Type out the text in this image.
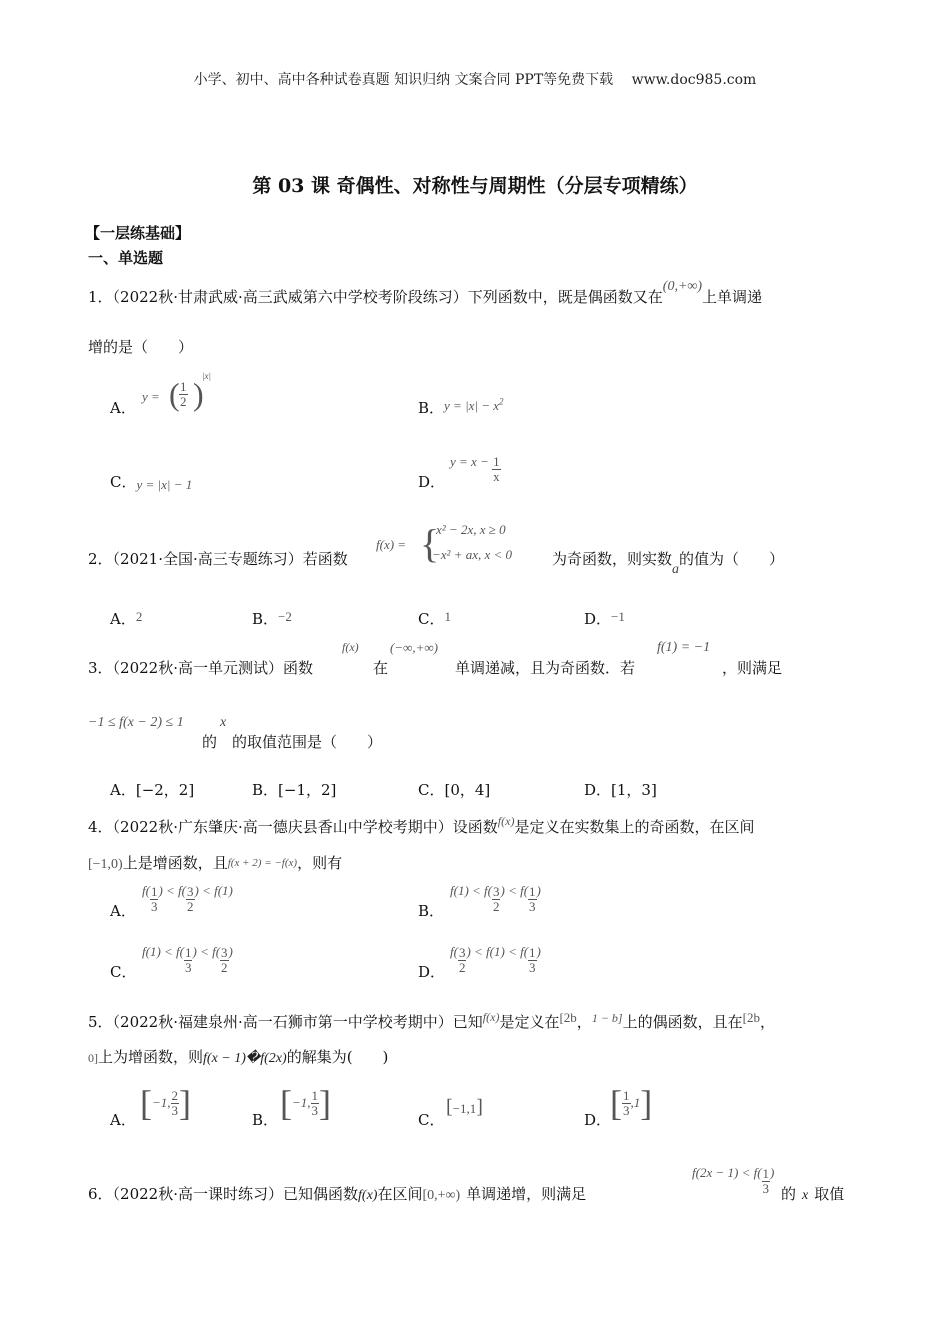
小学、初中、高中各种试卷真题 知识归纳 文案合同 PPT等免费下载　 www.doc985.com
第 03 课 奇偶性、对称性与周期性（分层专项精练）
【一层练基础】
一、单选题
1．（2022秋·甘肃武威·高三武威第六中学校考阶段练习）下列函数中，既是偶函数又在(0,+∞)上单调递
增的是（　　）
A．
y = ( $\frac{1}{2}$ )
|x|
B．$y = |x| - x^2$
C．y = |x| − 1	D．
$y = x - \frac{1}{x}$
2．（2021·全国·高三专题练习）若函数
f(x) = {
x² − 2x, x ≥ 0
−x² + ax, x < 0	为奇函数，则实数a的值为（　　）
A．2	B．−2	C．1	D．−1
3．（2022秋·高一单元测试）函数
f(x)
在
(−∞,+∞)
单调递减，且为奇函数．若
f(1) = −1
，则满足
−1 ≤ f(x − 2) ≤ 1
的
x
的取值范围是（　　）
A．[−2，2]	B．[−1，2]	C．[0，4]	D．[1，3]
4．（2022秋·广东肇庆·高一德庆县香山中学校考期中）设函数$^{f(x)}$是定义在实数集上的奇函数，在区间
[−1,0)上是增函数，且f(x + 2) = −f(x)，则有
A．
$f( \frac{1}{3}$ ) < $f( \frac{3}{2}$ ) < f(1)
B．
$f(1) < f( \frac{3}{2}$ ) < $f( \frac{1}{3}$ )
C．
$f(1) < f( \frac{1}{3}$ ) < $f( \frac{3}{2}$ )
D．
$f( \frac{3}{2}$ ) < $f(1) < f( \frac{1}{3}$ )
5．（2022秋·福建泉州·高一石狮市第一中学校考期中）已知$^{f(x)}$是定义在[2b，$^{1 - b]}$上的偶函数，且在[2b，
0]上为增函数，则f(x − 1)�f(2x)的解集为(　　)
A． [−1, $\frac{2}{3}$ ]	B． [−1, $\frac{1}{3}$ ]	C．
[−1,1]
D．
[ $\frac{1}{3} ,1$]
6．（2022秋·高一课时练习）已知偶函数f(x)在区间[0,+∞) 单调递增，则满足
$f(2x - 1) < f( \frac{1}{3}$ )
的 x 取值
